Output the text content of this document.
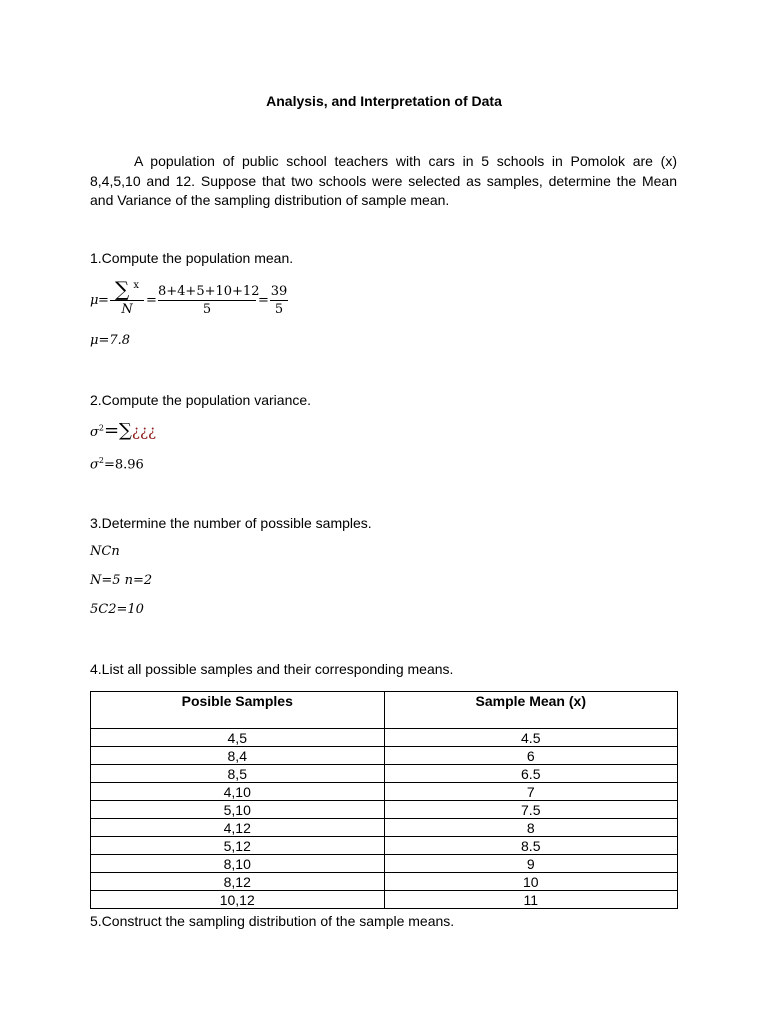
Analysis, and Interpretation of Data
A population of public school teachers with cars in 5 schools in Pomolok are (x) 8,4,5,10 and 12. Suppose that two schools were selected as samples, determine the Mean and Variance of the sampling distribution of sample mean.
1.Compute the population mean.
$\mu = \frac{\sum ^x}{N} = \frac{8+4+5+10+12}{5} = \frac{39}{5}$
μ=7.8
2.Compute the population variance.
$\sigma^2=\sum¿¿¿$
$\sigma^2=8.96$
3.Determine the number of possible samples.
NCn
N=5 n=2
5C2=10
4.List all possible samples and their corresponding means.
Posible Samples	Sample Mean (x)
4,5	4.5
8,4	6
8,5	6.5
4,10	7
5,10	7.5
4,12	8
5,12	8.5
8,10	9
8,12	10
10,12	11
5.Construct the sampling distribution of the sample means.
